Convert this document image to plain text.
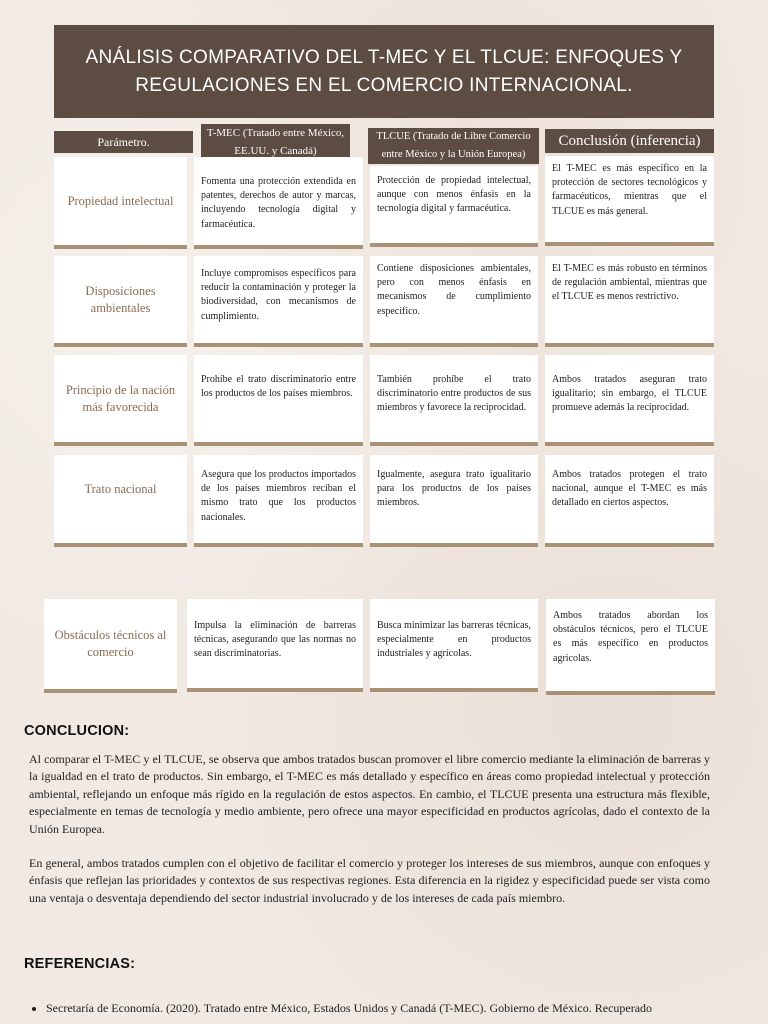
ANÁLISIS COMPARATIVO DEL T-MEC Y EL TLCUE: ENFOQUES Y REGULACIONES EN EL COMERCIO INTERNACIONAL.
Parámetro.
T-MEC (Tratado entre México, EE.UU. y Canadá)
TLCUE (Tratado de Libre Comercio entre México y la Unión Europea)
Conclusión (inferencia)
Propiedad intelectual
Fomenta una protección extendida en patentes, derechos de autor y marcas, incluyendo tecnología digital y farmacéutica.
Protección de propiedad intelectual, aunque con menos énfasis en la tecnología digital y farmacéutica.
El T-MEC es más específico en la protección de sectores tecnológicos y farmacéuticos, mientras que el TLCUE es más general.
Disposiciones ambientales
Incluye compromisos específicos para reducir la contaminación y proteger la biodiversidad, con mecanismos de cumplimiento.
Contiene disposiciones ambientales, pero con menos énfasis en mecanismos de cumplimiento específico.
El T-MEC es más robusto en términos de regulación ambiental, mientras que el TLCUE es menos restrictivo.
Principio de la nación más favorecida
Prohíbe el trato discriminatorio entre los productos de los países miembros.
También prohíbe el trato discriminatorio entre productos de sus miembros y favorece la reciprocidad.
Ambos tratados aseguran trato igualitario; sin embargo, el TLCUE promueve además la reciprocidad.
Trato nacional
Asegura que los productos importados de los países miembros reciban el mismo trato que los productos nacionales.
Igualmente, asegura trato igualitario para los productos de los países miembros.
Ambos tratados protegen el trato nacional, aunque el T-MEC es más detallado en ciertos aspectos.
Obstáculos técnicos al comercio
Impulsa la eliminación de barreras técnicas, asegurando que las normas no sean discriminatorias.
Busca minimizar las barreras técnicas, especialmente en productos industriales y agrícolas.
Ambos tratados abordan los obstáculos técnicos, pero el TLCUE es más específico en productos agrícolas.
CONCLUCION:

Al comparar el T-MEC y el TLCUE, se observa que ambos tratados buscan promover el libre comercio mediante la eliminación de barreras y la igualdad en el trato de productos. Sin embargo, el T-MEC es más detallado y específico en áreas como propiedad intelectual y protección ambiental, reflejando un enfoque más rígido en la regulación de estos aspectos. En cambio, el TLCUE presenta una estructura más flexible, especialmente en temas de tecnología y medio ambiente, pero ofrece una mayor especificidad en productos agrícolas, dado el contexto de la Unión Europea.

En general, ambos tratados cumplen con el objetivo de facilitar el comercio y proteger los intereses de sus miembros, aunque con enfoques y énfasis que reflejan las prioridades y contextos de sus respectivas regiones. Esta diferencia en la rigidez y especificidad puede ser vista como una ventaja o desventaja dependiendo del sector industrial involucrado y de los intereses de cada país miembro.

REFERENCIAS:
• Secretaría de Economía. (2020). Tratado entre México, Estados Unidos y Canadá (T-MEC). Gobierno de México. Recuperado
